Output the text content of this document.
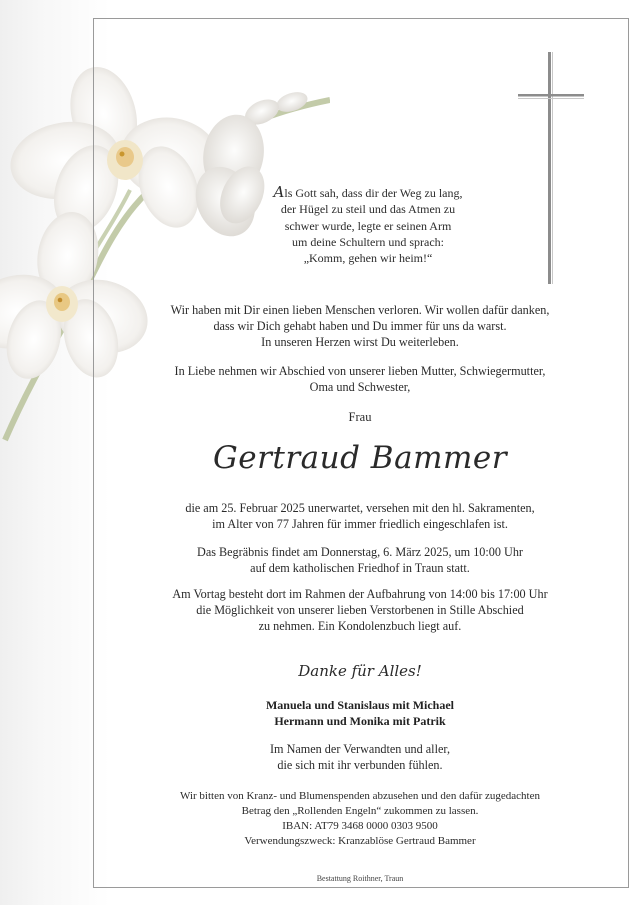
Als Gott sah, dass dir der Weg zu lang,
der Hügel zu steil und das Atmen zu
schwer wurde, legte er seinen Arm
um deine Schultern und sprach:
„Komm, gehen wir heim!“
Wir haben mit Dir einen lieben Menschen verloren. Wir wollen dafür danken,
dass wir Dich gehabt haben und Du immer für uns da warst.
In unseren Herzen wirst Du weiterleben.
In Liebe nehmen wir Abschied von unserer lieben Mutter, Schwiegermutter,
Oma und Schwester,
Frau
Gertraud Bammer
die am 25. Februar 2025 unerwartet, versehen mit den hl. Sakramenten,
im Alter von 77 Jahren für immer friedlich eingeschlafen ist.
Das Begräbnis findet am Donnerstag, 6. März 2025, um 10:00 Uhr
auf dem katholischen Friedhof in Traun statt.
Am Vortag besteht dort im Rahmen der Aufbahrung von 14:00 bis 17:00 Uhr
die Möglichkeit von unserer lieben Verstorbenen in Stille Abschied
zu nehmen. Ein Kondolenzbuch liegt auf.
Danke für Alles!
Manuela und Stanislaus mit Michael
Hermann und Monika mit Patrik
Im Namen der Verwandten und aller,
die sich mit ihr verbunden fühlen.
Wir bitten von Kranz- und Blumenspenden abzusehen und den dafür zugedachten
Betrag den „Rollenden Engeln“ zukommen zu lassen.
IBAN: AT79 3468 0000 0303 9500
Verwendungszweck: Kranzablöse Gertraud Bammer
Bestattung Roithner, Traun
